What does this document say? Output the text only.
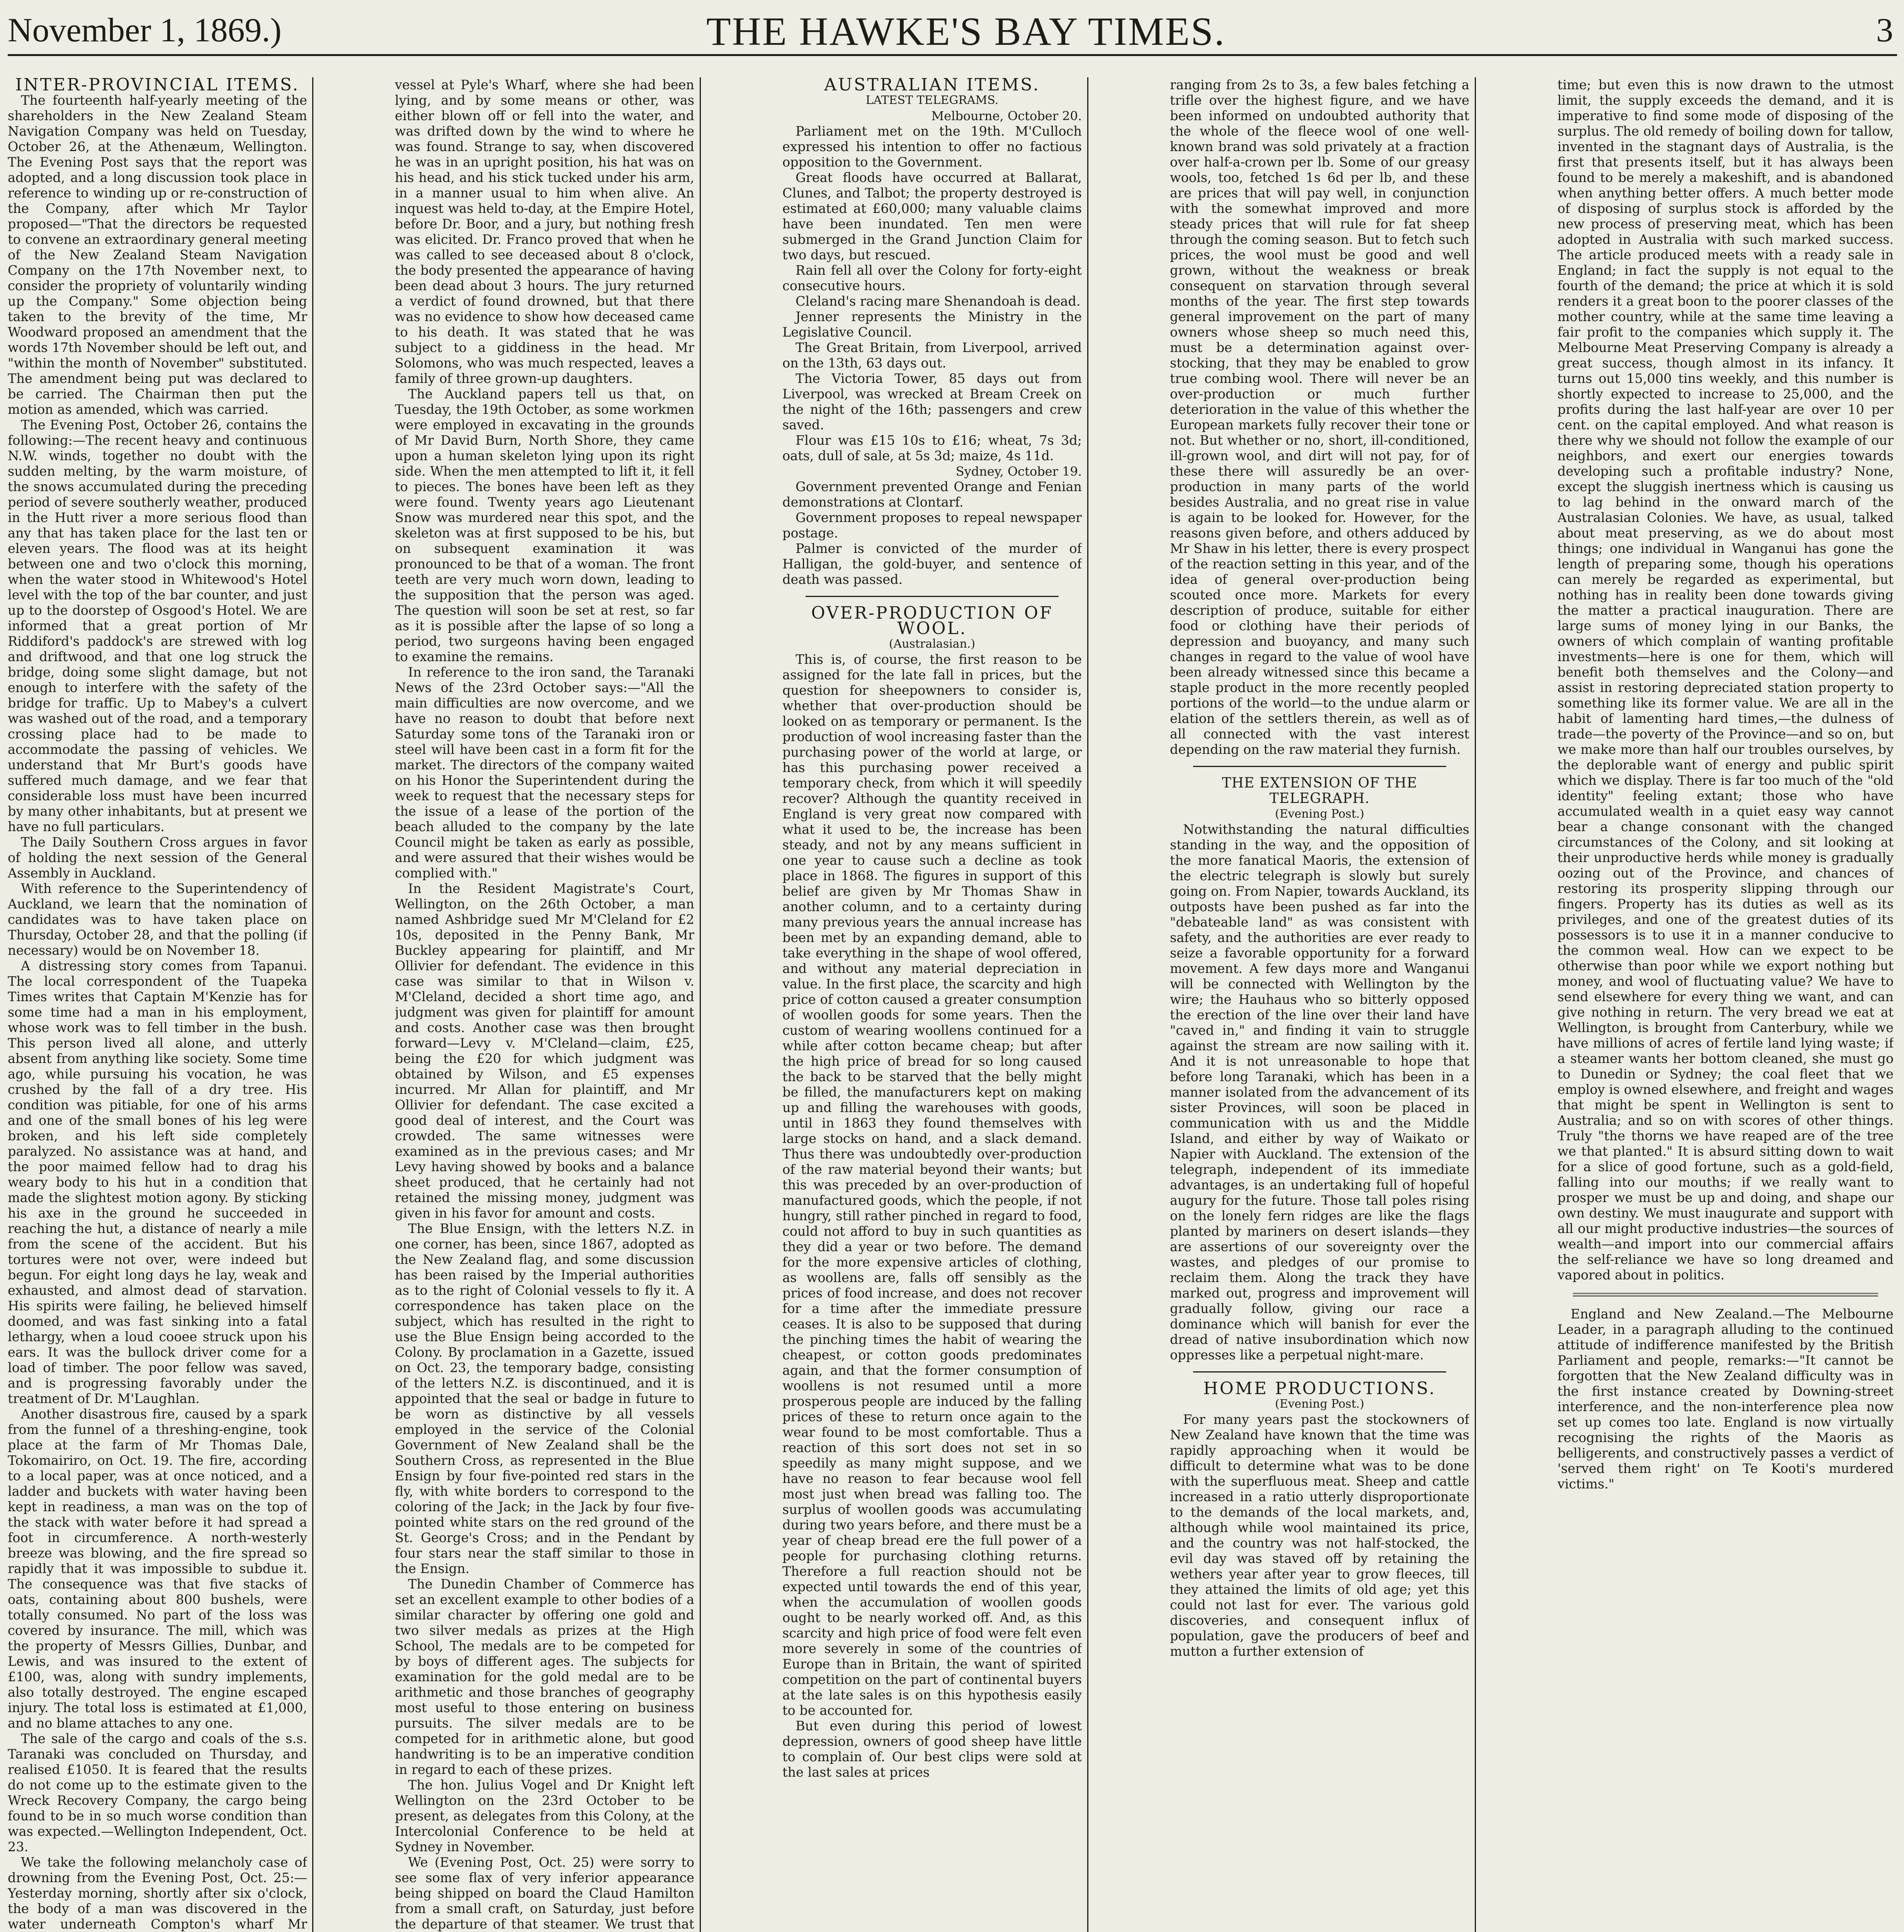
November 1, 1869.)	THE HAWKE'S BAY TIMES.	3

INTER-PROVINCIAL ITEMS.

The fourteenth half-yearly meeting of the shareholders in the New Zealand Steam Navigation Company was held on Tuesday, October 26, at the Athenæum, Wellington. The Evening Post says that the report was adopted, and a long discussion took place in reference to winding up or re-construction of the Company, after which Mr Taylor proposed—"That the directors be requested to convene an extraordinary general meeting of the New Zealand Steam Navigation Company on the 17th November next, to consider the propriety of voluntarily winding up the Company." Some objection being taken to the brevity of the time, Mr Woodward proposed an amendment that the words 17th November should be left out, and "within the month of November" substituted. The amendment being put was declared to be carried. The Chairman then put the motion as amended, which was carried.

The Evening Post, October 26, contains the following:—The recent heavy and continuous N.W. winds, together no doubt with the sudden melting, by the warm moisture, of the snows accumulated during the preceding period of severe southerly weather, produced in the Hutt river a more serious flood than any that has taken place for the last ten or eleven years. The flood was at its height between one and two o'clock this morning, when the water stood in Whitewood's Hotel level with the top of the bar counter, and just up to the doorstep of Osgood's Hotel. We are informed that a great portion of Mr Riddiford's paddock's are strewed with log and driftwood, and that one log struck the bridge, doing some slight damage, but not enough to interfere with the safety of the bridge for traffic. Up to Mabey's a culvert was washed out of the road, and a temporary crossing place had to be made to accommodate the passing of vehicles. We understand that Mr Burt's goods have suffered much damage, and we fear that considerable loss must have been incurred by many other inhabitants, but at present we have no full particulars.

The Daily Southern Cross argues in favor of holding the next session of the General Assembly in Auckland.

With reference to the Superintendency of Auckland, we learn that the nomination of candidates was to have taken place on Thursday, October 28, and that the polling (if necessary) would be on November 18.

A distressing story comes from Tapanui. The local correspondent of the Tuapeka Times writes that Captain M'Kenzie has for some time had a man in his employment, whose work was to fell timber in the bush. This person lived all alone, and utterly absent from anything like society. Some time ago, while pursuing his vocation, he was crushed by the fall of a dry tree. His condition was pitiable, for one of his arms and one of the small bones of his leg were broken, and his left side completely paralyzed. No assistance was at hand, and the poor maimed fellow had to drag his weary body to his hut in a condition that made the slightest motion agony. By sticking his axe in the ground he succeeded in reaching the hut, a distance of nearly a mile from the scene of the accident. But his tortures were not over, were indeed but begun. For eight long days he lay, weak and exhausted, and almost dead of starvation. His spirits were failing, he believed himself doomed, and was fast sinking into a fatal lethargy, when a loud cooee struck upon his ears. It was the bullock driver come for a load of timber. The poor fellow was saved, and is progressing favorably under the treatment of Dr. M'Laughlan.

Another disastrous fire, caused by a spark from the funnel of a threshing-engine, took place at the farm of Mr Thomas Dale, Tokomairiro, on Oct. 19. The fire, according to a local paper, was at once noticed, and a ladder and buckets with water having been kept in readiness, a man was on the top of the stack with water before it had spread a foot in circumference. A north-westerly breeze was blowing, and the fire spread so rapidly that it was impossible to subdue it. The consequence was that five stacks of oats, containing about 800 bushels, were totally consumed. No part of the loss was covered by insurance. The mill, which was the property of Messrs Gillies, Dunbar, and Lewis, and was insured to the extent of £100, was, along with sundry implements, also totally destroyed. The engine escaped injury. The total loss is estimated at £1,000, and no blame attaches to any one.

The sale of the cargo and coals of the s.s. Taranaki was concluded on Thursday, and realised £1050. It is feared that the results do not come up to the estimate given to the Wreck Recovery Company, the cargo being found to be in so much worse condition than was expected.—Wellington Independent, Oct. 23.

We take the following melancholy case of drowning from the Evening Post, Oct. 25:—Yesterday morning, shortly after six o'clock, the body of a man was discovered in the water underneath Compton's wharf Mr

vessel at Pyle's Wharf, where she had been lying, and by some means or other, was either blown off or fell into the water, and was drifted down by the wind to where he was found. Strange to say, when discovered he was in an upright position, his hat was on his head, and his stick tucked under his arm, in a manner usual to him when alive. An inquest was held to-day, at the Empire Hotel, before Dr. Boor, and a jury, but nothing fresh was elicited. Dr. Franco proved that when he was called to see deceased about 8 o'clock, the body presented the appearance of having been dead about 3 hours. The jury returned a verdict of found drowned, but that there was no evidence to show how deceased came to his death. It was stated that he was subject to a giddiness in the head. Mr Solomons, who was much respected, leaves a family of three grown-up daughters.

The Auckland papers tell us that, on Tuesday, the 19th October, as some workmen were employed in excavating in the grounds of Mr David Burn, North Shore, they came upon a human skeleton lying upon its right side. When the men attempted to lift it, it fell to pieces. The bones have been left as they were found. Twenty years ago Lieutenant Snow was murdered near this spot, and the skeleton was at first supposed to be his, but on subsequent examination it was pronounced to be that of a woman. The front teeth are very much worn down, leading to the supposition that the person was aged. The question will soon be set at rest, so far as it is possible after the lapse of so long a period, two surgeons having been engaged to examine the remains.

In reference to the iron sand, the Taranaki News of the 23rd October says:—"All the main difficulties are now overcome, and we have no reason to doubt that before next Saturday some tons of the Taranaki iron or steel will have been cast in a form fit for the market. The directors of the company waited on his Honor the Superintendent during the week to request that the necessary steps for the issue of a lease of the portion of the beach alluded to the company by the late Council might be taken as early as possible, and were assured that their wishes would be complied with."

In the Resident Magistrate's Court, Wellington, on the 26th October, a man named Ashbridge sued Mr M'Cleland for £2 10s, deposited in the Penny Bank, Mr Buckley appearing for plaintiff, and Mr Ollivier for defendant. The evidence in this case was similar to that in Wilson v. M'Cleland, decided a short time ago, and judgment was given for plaintiff for amount and costs. Another case was then brought forward—Levy v. M'Cleland—claim, £25, being the £20 for which judgment was obtained by Wilson, and £5 expenses incurred. Mr Allan for plaintiff, and Mr Ollivier for defendant. The case excited a good deal of interest, and the Court was crowded. The same witnesses were examined as in the previous cases; and Mr Levy having showed by books and a balance sheet produced, that he certainly had not retained the missing money, judgment was given in his favor for amount and costs.

The Blue Ensign, with the letters N.Z. in one corner, has been, since 1867, adopted as the New Zealand flag, and some discussion has been raised by the Imperial authorities as to the right of Colonial vessels to fly it. A correspondence has taken place on the subject, which has resulted in the right to use the Blue Ensign being accorded to the Colony. By proclamation in a Gazette, issued on Oct. 23, the temporary badge, consisting of the letters N.Z. is discontinued, and it is appointed that the seal or badge in future to be worn as distinctive by all vessels employed in the service of the Colonial Government of New Zealand shall be the Southern Cross, as represented in the Blue Ensign by four five-pointed red stars in the fly, with white borders to correspond to the coloring of the Jack; in the Jack by four five-pointed white stars on the red ground of the St. George's Cross; and in the Pendant by four stars near the staff similar to those in the Ensign.

The Dunedin Chamber of Commerce has set an excellent example to other bodies of a similar character by offering one gold and two silver medals as prizes at the High School, The medals are to be competed for by boys of different ages. The subjects for examination for the gold medal are to be arithmetic and those branches of geography most useful to those entering on business pursuits. The silver medals are to be competed for in arithmetic alone, but good handwriting is to be an imperative condition in regard to each of these prizes.

The hon. Julius Vogel and Dr Knight left Wellington on the 23rd October to be present, as delegates from this Colony, at the Intercolonial Conference to be held at Sydney in November.

We (Evening Post, Oct. 25) were sorry to see some flax of very inferior appearance being shipped on board the Claud Hamilton from a small craft, on Saturday, just before the departure of that steamer. We trust that

AUSTRALIAN ITEMS.

LATEST TELEGRAMS.

Melbourne, October 20.

Parliament met on the 19th. M'Culloch expressed his intention to offer no factious opposition to the Government.

Great floods have occurred at Ballarat, Clunes, and Talbot; the property destroyed is estimated at £60,000; many valuable claims have been inundated. Ten men were submerged in the Grand Junction Claim for two days, but rescued.

Rain fell all over the Colony for forty-eight consecutive hours.

Cleland's racing mare Shenandoah is dead.

Jenner represents the Ministry in the Legislative Council.

The Great Britain, from Liverpool, arrived on the 13th, 63 days out.

The Victoria Tower, 85 days out from Liverpool, was wrecked at Bream Creek on the night of the 16th; passengers and crew saved.

Flour was £15 10s to £16; wheat, 7s 3d; oats, dull of sale, at 5s 3d; maize, 4s 11d.

Sydney, October 19.

Government prevented Orange and Fenian demonstrations at Clontarf.

Government proposes to repeal newspaper postage.

Palmer is convicted of the murder of Halligan, the gold-buyer, and sentence of death was passed.

OVER-PRODUCTION OF WOOL.

(Australasian.)

This is, of course, the first reason to be assigned for the late fall in prices, but the question for sheepowners to consider is, whether that over-production should be looked on as temporary or permanent. Is the production of wool increasing faster than the purchasing power of the world at large, or has this purchasing power received a temporary check, from which it will speedily recover? Although the quantity received in England is very great now compared with what it used to be, the increase has been steady, and not by any means sufficient in one year to cause such a decline as took place in 1868. The figures in support of this belief are given by Mr Thomas Shaw in another column, and to a certainty during many previous years the annual increase has been met by an expanding demand, able to take everything in the shape of wool offered, and without any material depreciation in value. In the first place, the scarcity and high price of cotton caused a greater consumption of woollen goods for some years. Then the custom of wearing woollens continued for a while after cotton became cheap; but after the high price of bread for so long caused the back to be starved that the belly might be filled, the manufacturers kept on making up and filling the warehouses with goods, until in 1863 they found themselves with large stocks on hand, and a slack demand. Thus there was undoubtedly over-production of the raw material beyond their wants; but this was preceded by an over-production of manufactured goods, which the people, if not hungry, still rather pinched in regard to food, could not afford to buy in such quantities as they did a year or two before. The demand for the more expensive articles of clothing, as woollens are, falls off sensibly as the prices of food increase, and does not recover for a time after the immediate pressure ceases. It is also to be supposed that during the pinching times the habit of wearing the cheapest, or cotton goods predominates again, and that the former consumption of woollens is not resumed until a more prosperous people are induced by the falling prices of these to return once again to the wear found to be most comfortable. Thus a reaction of this sort does not set in so speedily as many might suppose, and we have no reason to fear because wool fell most just when bread was falling too. The surplus of woollen goods was accumulating during two years before, and there must be a year of cheap bread ere the full power of a people for purchasing clothing returns. Therefore a full reaction should not be expected until towards the end of this year, when the accumulation of woollen goods ought to be nearly worked off. And, as this scarcity and high price of food were felt even more severely in some of the countries of Europe than in Britain, the want of spirited competition on the part of continental buyers at the late sales is on this hypothesis easily to be accounted for.

But even during this period of lowest depression, owners of good sheep have little to complain of. Our best clips were sold at the last sales at prices

ranging from 2s to 3s, a few bales fetching a trifle over the highest figure, and we have been informed on undoubted authority that the whole of the fleece wool of one well-known brand was sold privately at a fraction over half-a-crown per lb. Some of our greasy wools, too, fetched 1s 6d per lb, and these are prices that will pay well, in conjunction with the somewhat improved and more steady prices that will rule for fat sheep through the coming season. But to fetch such prices, the wool must be good and well grown, without the weakness or break consequent on starvation through several months of the year. The first step towards general improvement on the part of many owners whose sheep so much need this, must be a determination against over-stocking, that they may be enabled to grow true combing wool. There will never be an over-production or much further deterioration in the value of this whether the European markets fully recover their tone or not. But whether or no, short, ill-conditioned, ill-grown wool, and dirt will not pay, for of these there will assuredly be an over-production in many parts of the world besides Australia, and no great rise in value is again to be looked for. However, for the reasons given before, and others adduced by Mr Shaw in his letter, there is every prospect of the reaction setting in this year, and of the idea of general over-production being scouted once more. Markets for every description of produce, suitable for either food or clothing have their periods of depression and buoyancy, and many such changes in regard to the value of wool have been already witnessed since this became a staple product in the more recently peopled portions of the world—to the undue alarm or elation of the settlers therein, as well as of all connected with the vast interest depending on the raw material they furnish.

THE EXTENSION OF THE TELEGRAPH.

(Evening Post.)

Notwithstanding the natural difficulties standing in the way, and the opposition of the more fanatical Maoris, the extension of the electric telegraph is slowly but surely going on. From Napier, towards Auckland, its outposts have been pushed as far into the "debateable land" as was consistent with safety, and the authorities are ever ready to seize a favorable opportunity for a forward movement. A few days more and Wanganui will be connected with Wellington by the wire; the Hauhaus who so bitterly opposed the erection of the line over their land have "caved in," and finding it vain to struggle against the stream are now sailing with it. And it is not unreasonable to hope that before long Taranaki, which has been in a manner isolated from the advancement of its sister Provinces, will soon be placed in communication with us and the Middle Island, and either by way of Waikato or Napier with Auckland. The extension of the telegraph, independent of its immediate advantages, is an undertaking full of hopeful augury for the future. Those tall poles rising on the lonely fern ridges are like the flags planted by mariners on desert islands—they are assertions of our sovereignty over the wastes, and pledges of our promise to reclaim them. Along the track they have marked out, progress and improvement will gradually follow, giving our race a dominance which will banish for ever the dread of native insubordination which now oppresses like a perpetual night-mare.

HOME PRODUCTIONS.

(Evening Post.)

For many years past the stockowners of New Zealand have known that the time was rapidly approaching when it would be difficult to determine what was to be done with the superfluous meat. Sheep and cattle increased in a ratio utterly disproportionate to the demands of the local markets, and, although while wool maintained its price, and the country was not half-stocked, the evil day was staved off by retaining the wethers year after year to grow fleeces, till they attained the limits of old age; yet this could not last for ever. The various gold discoveries, and consequent influx of population, gave the producers of beef and mutton a further extension of

time; but even this is now drawn to the utmost limit, the supply exceeds the demand, and it is imperative to find some mode of disposing of the surplus. The old remedy of boiling down for tallow, invented in the stagnant days of Australia, is the first that presents itself, but it has always been found to be merely a makeshift, and is abandoned when anything better offers. A much better mode of disposing of surplus stock is afforded by the new process of preserving meat, which has been adopted in Australia with such marked success. The article produced meets with a ready sale in England; in fact the supply is not equal to the fourth of the demand; the price at which it is sold renders it a great boon to the poorer classes of the mother country, while at the same time leaving a fair profit to the companies which supply it. The Melbourne Meat Preserving Company is already a great success, though almost in its infancy. It turns out 15,000 tins weekly, and this number is shortly expected to increase to 25,000, and the profits during the last half-year are over 10 per cent. on the capital employed. And what reason is there why we should not follow the example of our neighbors, and exert our energies towards developing such a profitable industry? None, except the sluggish inertness which is causing us to lag behind in the onward march of the Australasian Colonies. We have, as usual, talked about meat preserving, as we do about most things; one individual in Wanganui has gone the length of preparing some, though his operations can merely be regarded as experimental, but nothing has in reality been done towards giving the matter a practical inauguration. There are large sums of money lying in our Banks, the owners of which complain of wanting profitable investments—here is one for them, which will benefit both themselves and the Colony—and assist in restoring depreciated station property to something like its former value. We are all in the habit of lamenting hard times,—the dulness of trade—the poverty of the Province—and so on, but we make more than half our troubles ourselves, by the deplorable want of energy and public spirit which we display. There is far too much of the "old identity" feeling extant; those who have accumulated wealth in a quiet easy way cannot bear a change consonant with the changed circumstances of the Colony, and sit looking at their unproductive herds while money is gradually oozing out of the Province, and chances of restoring its prosperity slipping through our fingers. Property has its duties as well as its privileges, and one of the greatest duties of its possessors is to use it in a manner conducive to the common weal. How can we expect to be otherwise than poor while we export nothing but money, and wool of fluctuating value? We have to send elsewhere for every thing we want, and can give nothing in return. The very bread we eat at Wellington, is brought from Canterbury, while we have millions of acres of fertile land lying waste; if a steamer wants her bottom cleaned, she must go to Dunedin or Sydney; the coal fleet that we employ is owned elsewhere, and freight and wages that might be spent in Wellington is sent to Australia; and so on with scores of other things. Truly "the thorns we have reaped are of the tree we that planted." It is absurd sitting down to wait for a slice of good fortune, such as a gold-field, falling into our mouths; if we really want to prosper we must be up and doing, and shape our own destiny. We must inaugurate and support with all our might productive industries—the sources of wealth—and import into our commercial affairs the self-reliance we have so long dreamed and vapored about in politics.

England and New Zealand.—The Melbourne Leader, in a paragraph alluding to the continued attitude of indifference manifested by the British Parliament and people, remarks:—"It cannot be forgotten that the New Zealand difficulty was in the first instance created by Downing-street interference, and the non-interference plea now set up comes too late. England is now virtually recognising the rights of the Maoris as belligerents, and constructively passes a verdict of 'served them right' on Te Kooti's murdered victims."
